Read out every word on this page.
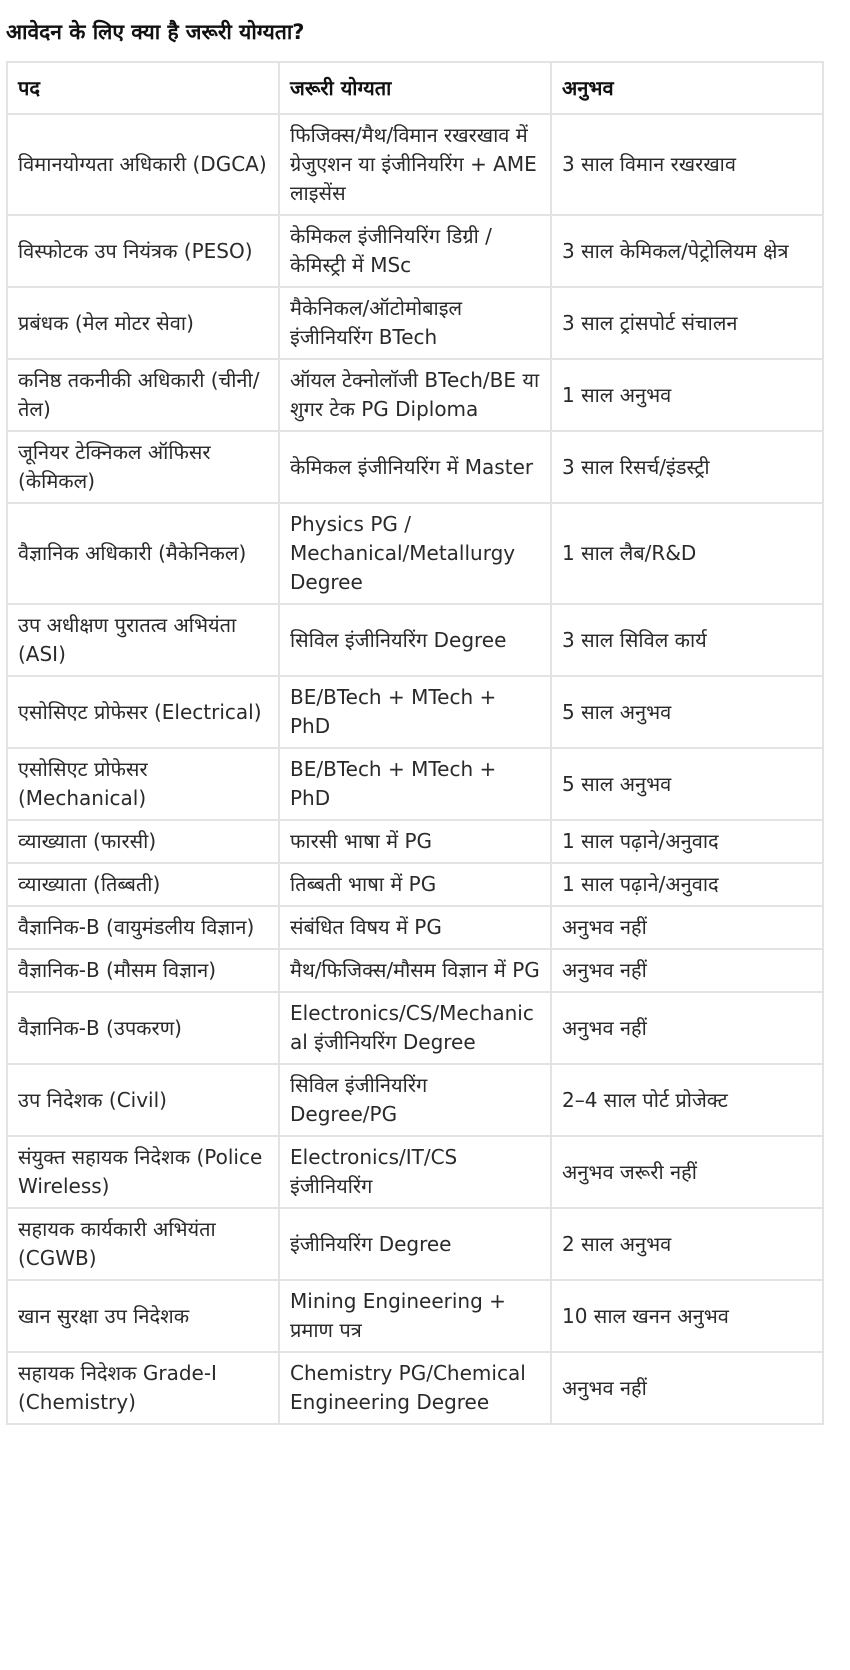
आवेदन के लिए क्या है जरूरी योग्यता?
पद	जरूरी योग्यता	अनुभव
विमानयोग्यता अधिकारी (DGCA)	फिजिक्स/मैथ/विमान रखरखाव में ग्रेजुएशन या इंजीनियरिंग + AME लाइसेंस	3 साल विमान रखरखाव
विस्फोटक उप नियंत्रक (PESO)	केमिकल इंजीनियरिंग डिग्री / केमिस्ट्री में MSc	3 साल केमिकल/पेट्रोलियम क्षेत्र
प्रबंधक (मेल मोटर सेवा)	मैकेनिकल/ऑटोमोबाइल इंजीनियरिंग BTech	3 साल ट्रांसपोर्ट संचालन
कनिष्ठ तकनीकी अधिकारी (चीनी/तेल)	ऑयल टेक्नोलॉजी BTech/BE या शुगर टेक PG Diploma	1 साल अनुभव
जूनियर टेक्निकल ऑफिसर (केमिकल)	केमिकल इंजीनियरिंग में Master	3 साल रिसर्च/इंडस्ट्री
वैज्ञानिक अधिकारी (मैकेनिकल)	Physics PG / Mechanical/Metallurgy Degree	1 साल लैब/R&D
उप अधीक्षण पुरातत्व अभियंता (ASI)	सिविल इंजीनियरिंग Degree	3 साल सिविल कार्य
एसोसिएट प्रोफेसर (Electrical)	BE/BTech + MTech + PhD	5 साल अनुभव
एसोसिएट प्रोफेसर (Mechanical)	BE/BTech + MTech + PhD	5 साल अनुभव
व्याख्याता (फारसी)	फारसी भाषा में PG	1 साल पढ़ाने/अनुवाद
व्याख्याता (तिब्बती)	तिब्बती भाषा में PG	1 साल पढ़ाने/अनुवाद
वैज्ञानिक-B (वायुमंडलीय विज्ञान)	संबंधित विषय में PG	अनुभव नहीं
वैज्ञानिक-B (मौसम विज्ञान)	मैथ/फिजिक्स/मौसम विज्ञान में PG	अनुभव नहीं
वैज्ञानिक-B (उपकरण)	Electronics/CS/Mechanical इंजीनियरिंग Degree	अनुभव नहीं
उप निदेशक (Civil)	सिविल इंजीनियरिंग Degree/PG	2–4 साल पोर्ट प्रोजेक्ट
संयुक्त सहायक निदेशक (Police Wireless)	Electronics/IT/CS इंजीनियरिंग	अनुभव जरूरी नहीं
सहायक कार्यकारी अभियंता (CGWB)	इंजीनियरिंग Degree	2 साल अनुभव
खान सुरक्षा उप निदेशक	Mining Engineering + प्रमाण पत्र	10 साल खनन अनुभव
सहायक निदेशक Grade-I (Chemistry)	Chemistry PG/Chemical Engineering Degree	अनुभव नहीं
